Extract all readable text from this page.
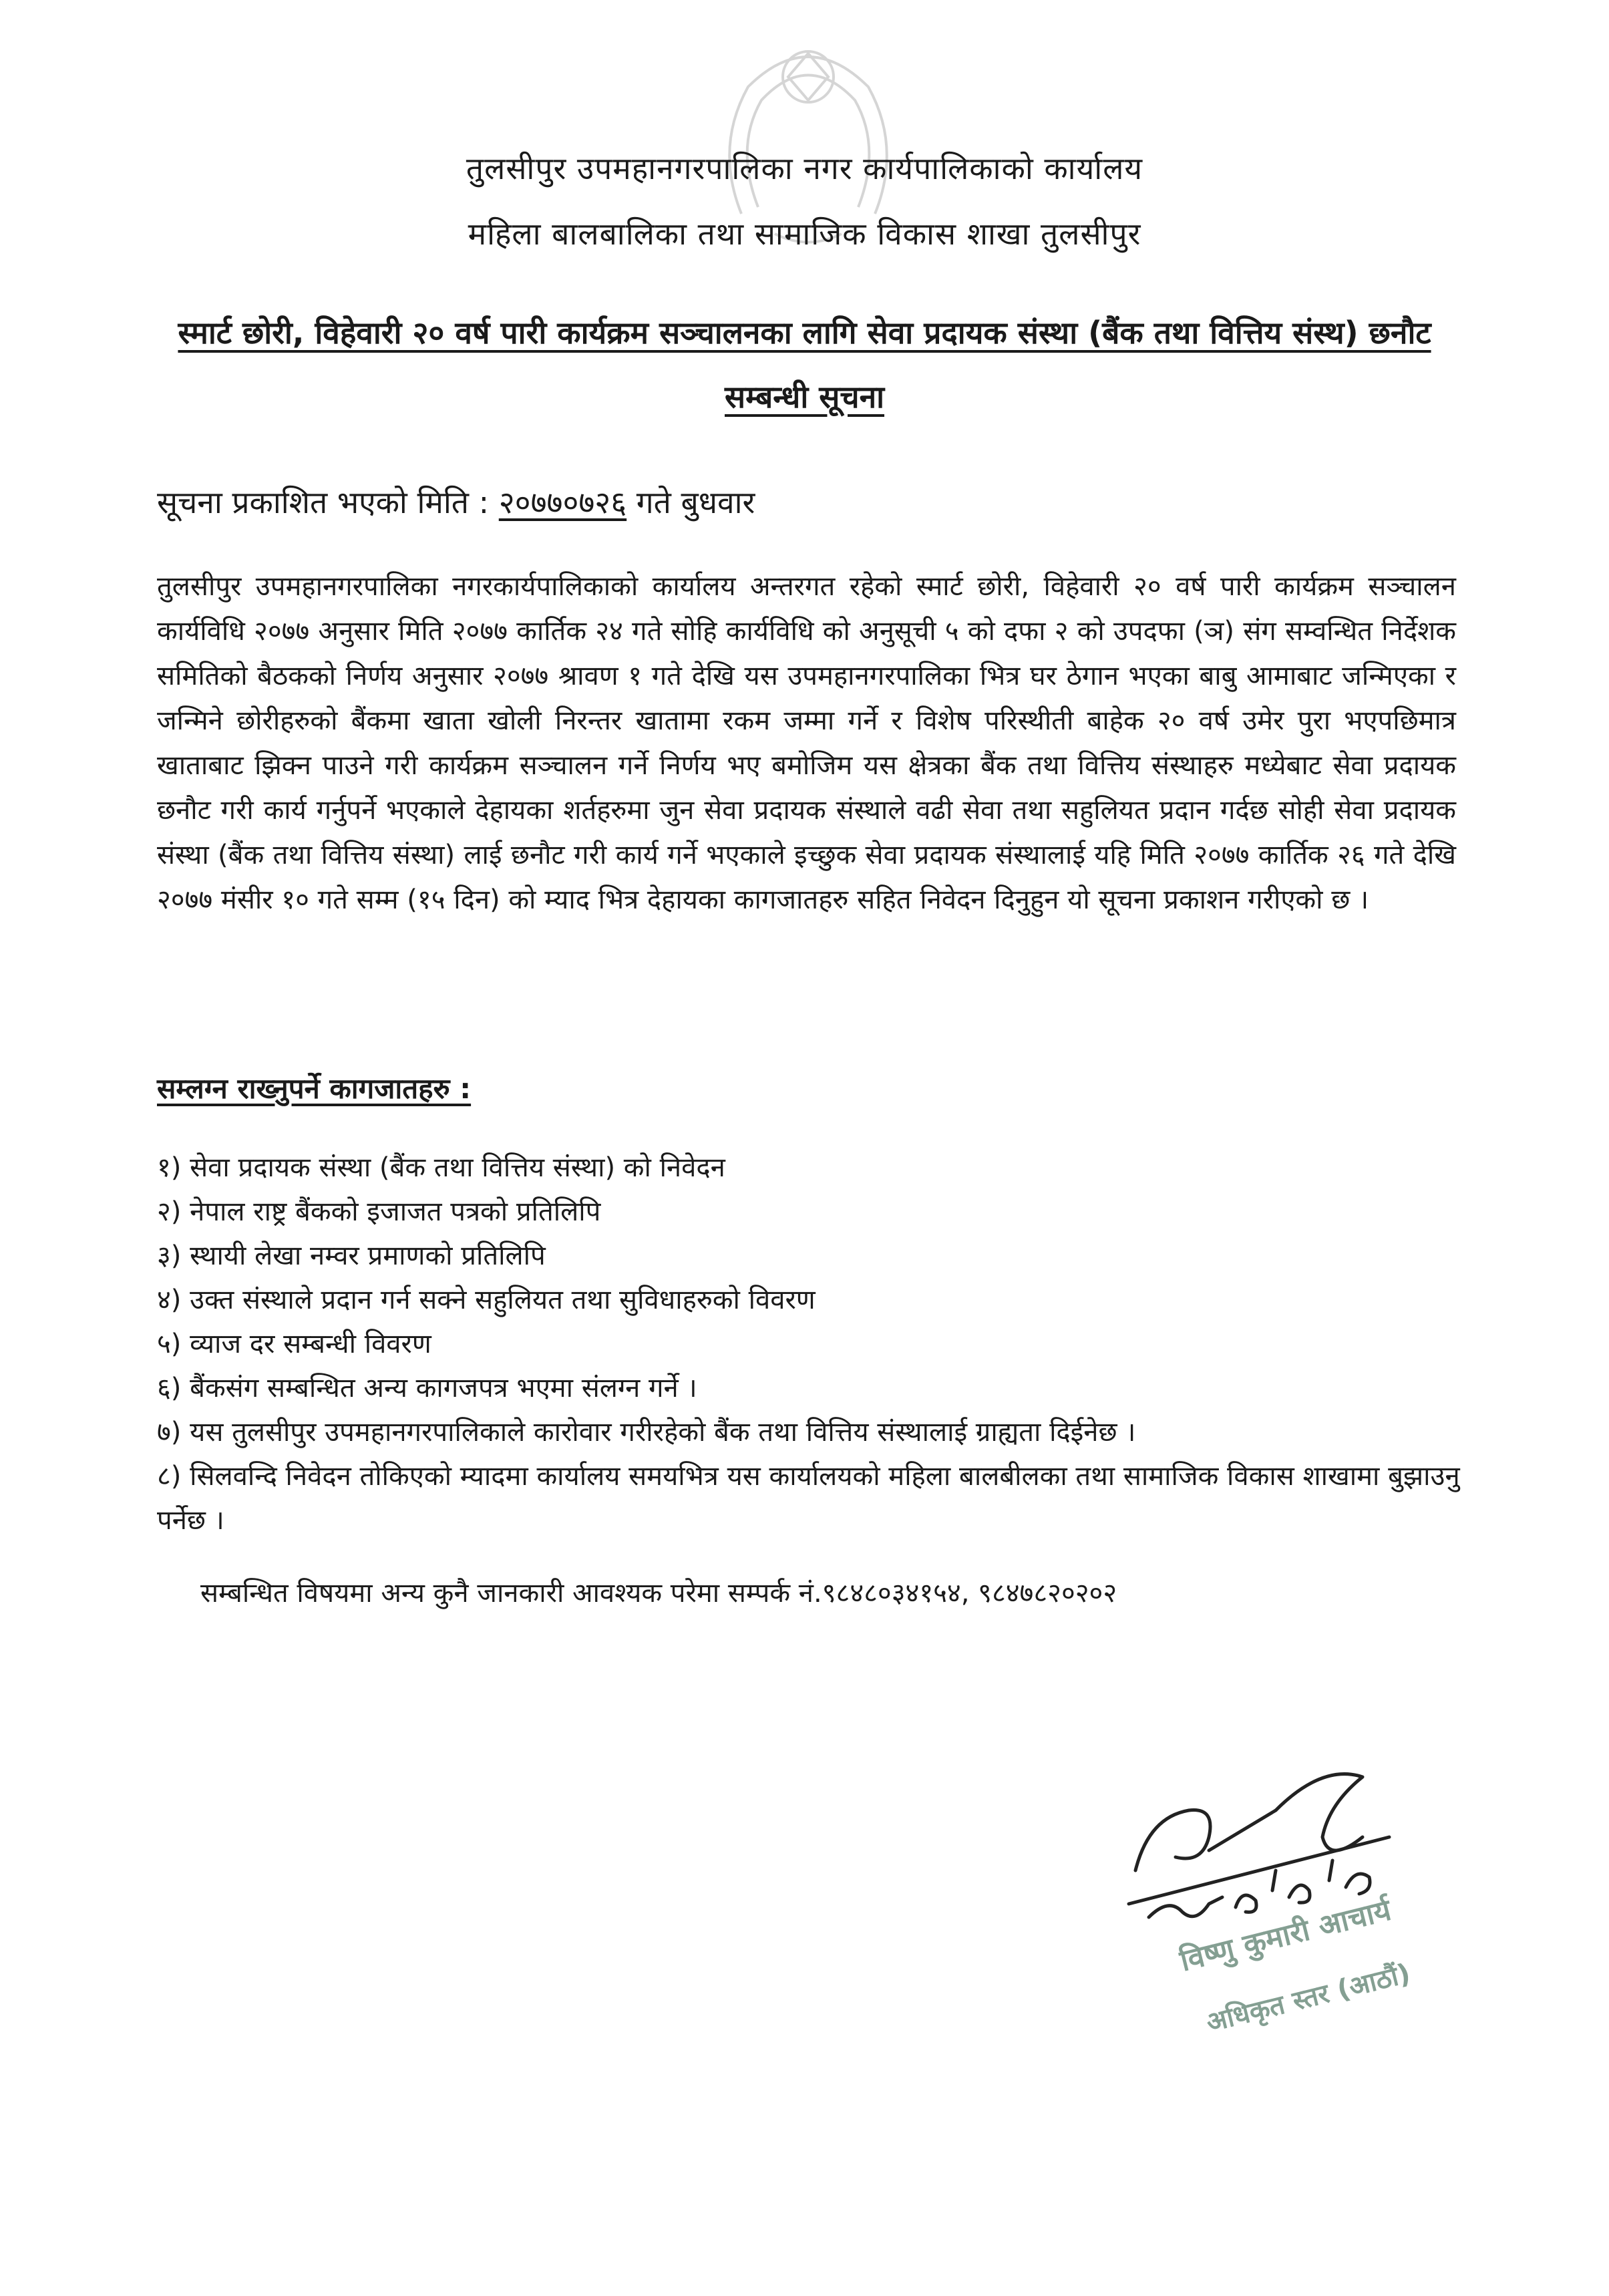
तुलसीपुर उपमहानगरपालिका नगर कार्यपालिकाको कार्यालय
महिला बालबालिका तथा सामाजिक विकास शाखा तुलसीपुर
स्मार्ट छोरी, विहेवारी २० वर्ष पारी कार्यक्रम सञ्चालनका लागि सेवा प्रदायक संस्था (बैंक तथा वित्तिय संस्थ) छनौट सम्बन्धी सूचना
सूचना प्रकाशित भएको मिति : २०७७०७२६ गते बुधवार
तुलसीपुर उपमहानगरपालिका नगरकार्यपालिकाको कार्यालय अन्तरगत रहेको स्मार्ट छोरी, विहेवारी २० वर्ष पारी कार्यक्रम सञ्चालन कार्यविधि २०७७ अनुसार मिति २०७७ कार्तिक २४ गते सोहि कार्यविधि को अनुसूची ५ को दफा २ को उपदफा (ञ) संग सम्वन्धित निर्देशक समितिको बैठकको निर्णय अनुसार २०७७ श्रावण १ गते देखि यस उपमहानगरपालिका भित्र घर ठेगान भएका बाबु आमाबाट जन्मिएका र जन्मिने छोरीहरुको बैंकमा खाता खोली निरन्तर खातामा रकम जम्मा गर्ने र विशेष परिस्थीती बाहेक २० वर्ष उमेर पुरा भएपछिमात्र खाताबाट झिक्न पाउने गरी कार्यक्रम सञ्चालन गर्ने निर्णय भए बमोजिम यस क्षेत्रका बैंक तथा वित्तिय संस्थाहरु मध्येबाट सेवा प्रदायक छनौट गरी कार्य गर्नुपर्ने भएकाले देहायका शर्तहरुमा जुन सेवा प्रदायक संस्थाले वढी सेवा तथा सहुलियत प्रदान गर्दछ सोही सेवा प्रदायक संस्था (बैंक तथा वित्तिय संस्था) लाई छनौट गरी कार्य गर्ने भएकाले इच्छुक सेवा प्रदायक संस्थालाई यहि मिति २०७७ कार्तिक २६ गते देखि २०७७ मंसीर १० गते सम्म (१५ दिन) को म्याद भित्र देहायका कागजातहरु सहित निवेदन दिनुहुन यो सूचना प्रकाशन गरीएको छ ।
सम्लग्न राख्नुपर्ने कागजातहरु :
१) सेवा प्रदायक संस्था (बैंक तथा वित्तिय संस्था) को निवेदन
२) नेपाल राष्ट्र बैंकको इजाजत पत्रको प्रतिलिपि
३) स्थायी लेखा नम्वर प्रमाणको प्रतिलिपि
४) उक्त संस्थाले प्रदान गर्न सक्ने सहुलियत तथा सुविधाहरुको विवरण
५) व्याज दर सम्बन्धी विवरण
६) बैंकसंग सम्बन्धित अन्य कागजपत्र भएमा संलग्न गर्ने ।
७) यस तुलसीपुर उपमहानगरपालिकाले कारोवार गरीरहेको बैंक तथा वित्तिय संस्थालाई ग्राह्यता दिईनेछ ।
८) सिलवन्दि निवेदन तोकिएको म्यादमा कार्यालय समयभित्र यस कार्यालयको महिला बालबीलका तथा सामाजिक विकास शाखामा बुझाउनु पर्नेछ ।
सम्बन्धित विषयमा अन्य कुनै जानकारी आवश्यक परेमा सम्पर्क नं.९८४८०३४१५४, ९८४७८२०२०२
विष्णु कुमारी आचार्य
अधिकृत स्तर (आठौं)
